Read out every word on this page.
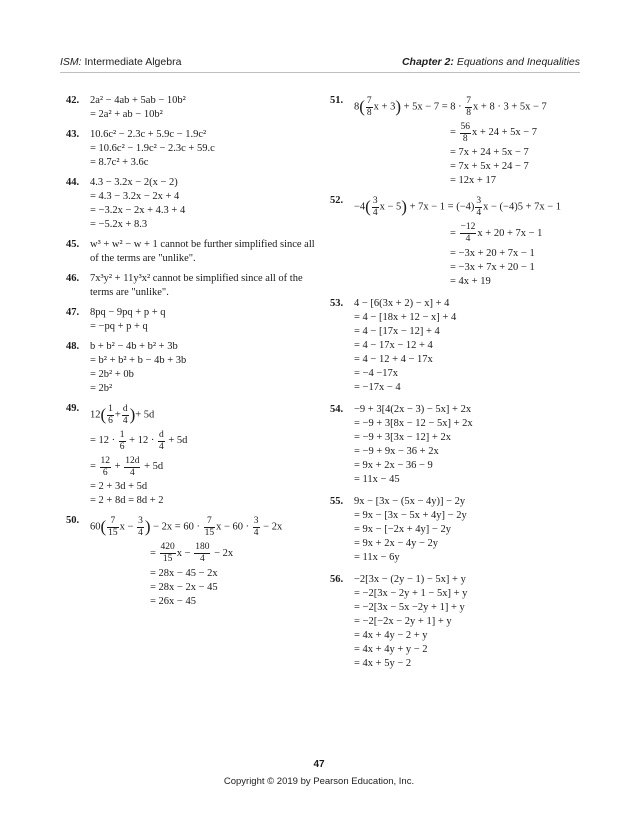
ISM: Intermediate Algebra	Chapter 2: Equations and Inequalities
42. 2a² − 4ab + 5ab − 10b²
= 2a² + ab − 10b²
43. 10.6c² − 2.3c + 5.9c − 1.9c²
= 10.6c² − 1.9c² − 2.3c + 59.c
= 8.7c² + 3.6c
44. 4.3 − 3.2x − 2(x − 2)
= 4.3 − 3.2x − 2x + 4
= −3.2x − 2x + 4.3 + 4
= −5.2x + 8.3
45. w³ + w² − w + 1 cannot be further simplified since all of the terms are "unlike".
46. 7x³y² + 11y³x² cannot be simplified since all of the terms are "unlike".
47. 8pq − 9pq + p + q
= −pq + p + q
48. b + b² − 4b + b² + 3b
= b² + b² + b − 4b + 3b
= 2b² + 0b
= 2b²
49.
$12( \frac{1}{6} + \frac{d}{4}$ )+ 5d
= $12 \cdot \frac{1}{6} + 12 \cdot \frac{d}{4} + 5d$
= $\frac{12}{6} + \frac{12d}{4} + 5d$
= 2 + 3d + 5d
= 2 + 8d = 8d + 2
50.
$60( \frac{7}{15}$ $x - \frac{3}{4}$ ) − $2x = 60 \cdot \frac{7}{15}$ $x - 60 \cdot \frac{3}{4} - 2x$
= $\frac{420}{15}$ $x - \frac{180}{4} - 2x$
= 28x − 45 − 2x
= 28x − 2x − 45
= 26x − 45
51.
$8( \frac{7}{8}$ $x + 3) + 5x - 7 = 8 \cdot \frac{7}{8}$ x + 8 · 3 + 5x − 7
= $\frac{56}{8}$ x + 24 + 5x − 7
= 7x + 24 + 5x − 7
= 7x + 5x + 24 − 7
= 12x + 17
52.
$-4( \frac{3}{4}$ $x - 5) + 7x - 1 = (-4) \frac{3}{4}$ x − (−4)5 + 7x − 1
= $\frac{-12}{4}$ x + 20 + 7x − 1
= −3x + 20 + 7x − 1
= −3x + 7x + 20 − 1
= 4x + 19
53. 4 − [6(3x + 2) − x] + 4
= 4 − [18x + 12 − x] + 4
= 4 − [17x − 12] + 4
= 4 − 17x − 12 + 4
= 4 − 12 + 4 − 17x
= −4 −17x
= −17x − 4
54. −9 + 3[4(2x − 3) − 5x] + 2x
= −9 + 3[8x − 12 − 5x] + 2x
= −9 + 3[3x − 12] + 2x
= −9 + 9x − 36 + 2x
= 9x + 2x − 36 − 9
= 11x − 45
55. 9x − [3x − (5x − 4y)] − 2y
= 9x − [3x − 5x + 4y] − 2y
= 9x − [−2x + 4y] − 2y
= 9x + 2x − 4y − 2y
= 11x − 6y
56. −2[3x − (2y − 1) − 5x] + y
= −2[3x − 2y + 1 − 5x] + y
= −2[3x − 5x −2y + 1] + y
= −2[−2x − 2y + 1] + y
= 4x + 4y − 2 + y
= 4x + 4y + y − 2
= 4x + 5y − 2
47
Copyright © 2019 by Pearson Education, Inc.
